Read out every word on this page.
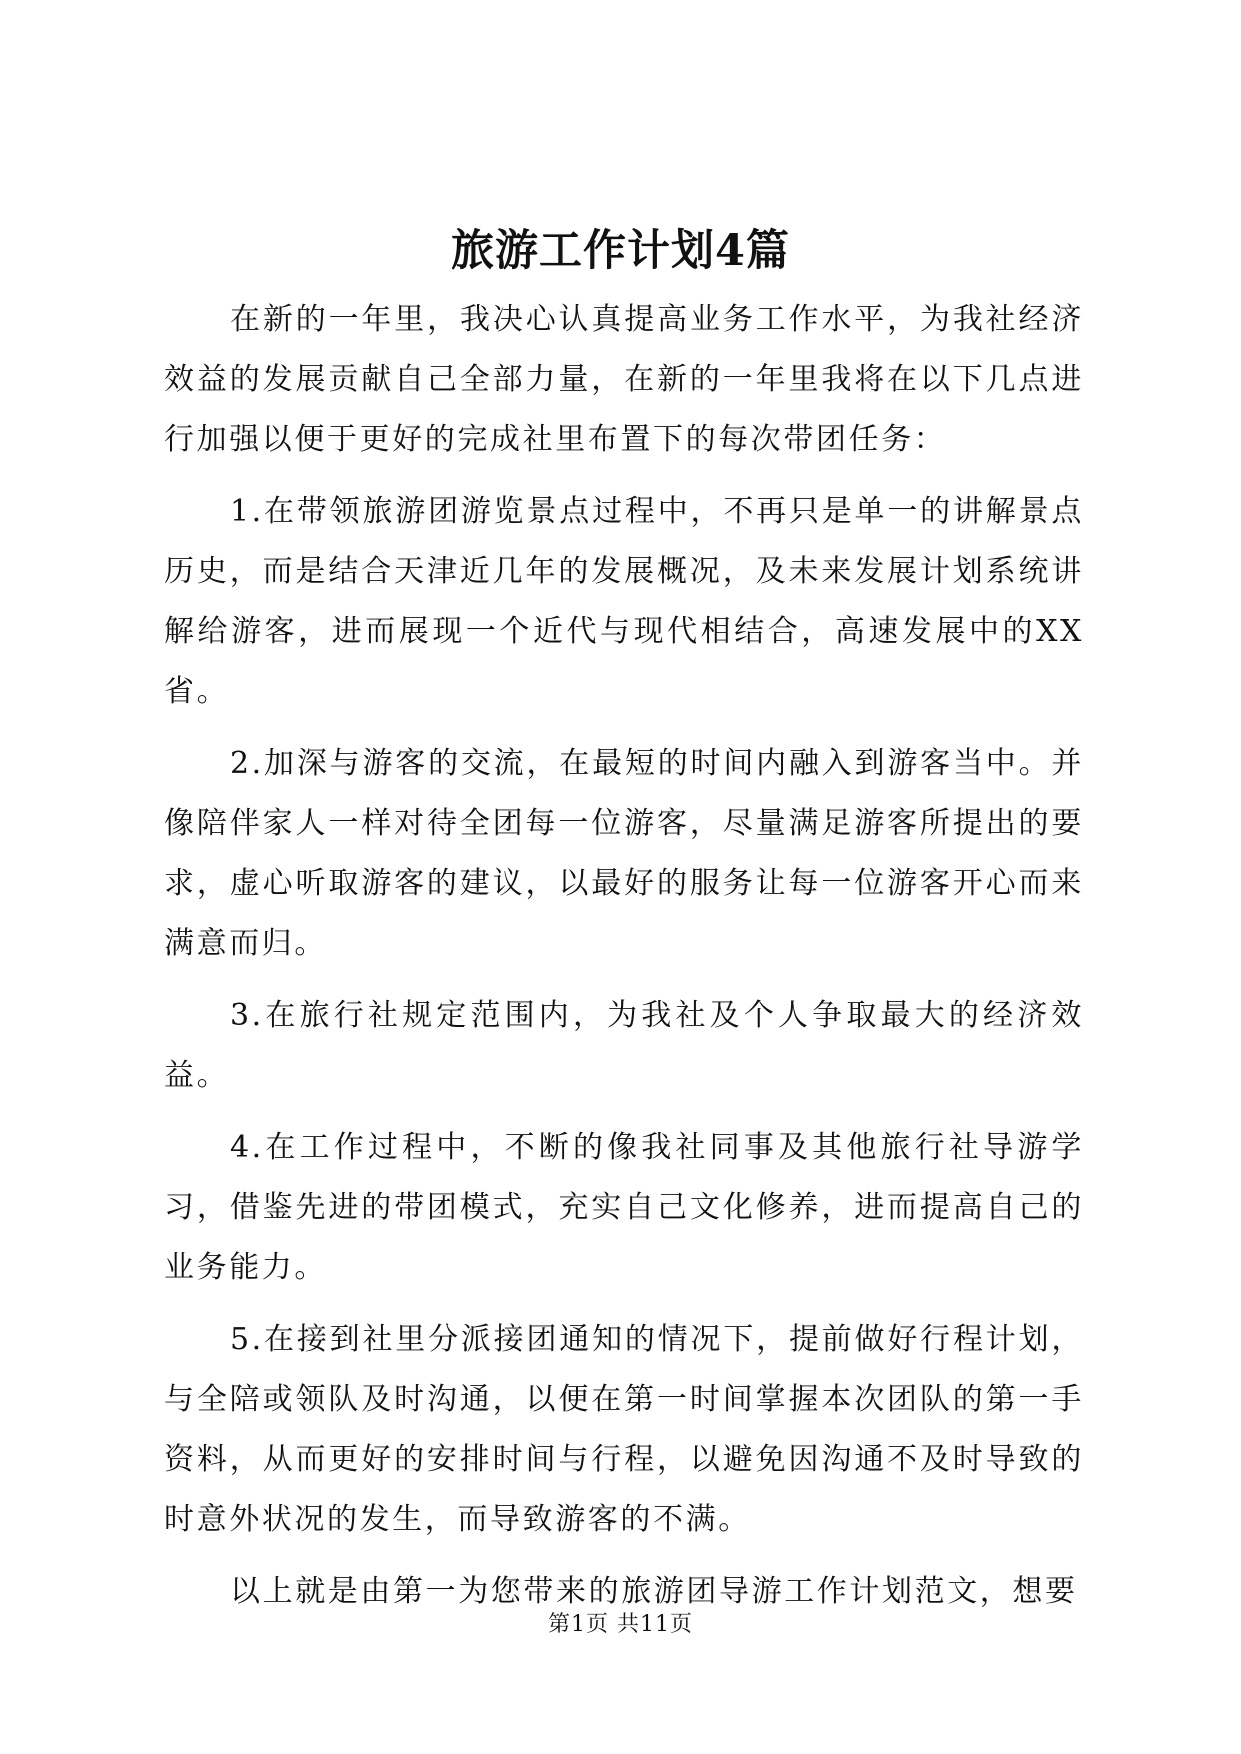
旅游工作计划4篇

在新的一年里，我决心认真提高业务工作水平，为我社经济效益的发展贡献自己全部力量，在新的一年里我将在以下几点进行加强以便于更好的完成社里布置下的每次带团任务：

1.在带领旅游团游览景点过程中，不再只是单一的讲解景点历史，而是结合天津近几年的发展概况，及未来发展计划系统讲解给游客，进而展现一个近代与现代相结合，高速发展中的XX省。

2.加深与游客的交流，在最短的时间内融入到游客当中。并像陪伴家人一样对待全团每一位游客，尽量满足游客所提出的要求，虚心听取游客的建议，以最好的服务让每一位游客开心而来满意而归。

3.在旅行社规定范围内，为我社及个人争取最大的经济效益。

4.在工作过程中，不断的像我社同事及其他旅行社导游学习，借鉴先进的带团模式，充实自己文化修养，进而提高自己的业务能力。

5.在接到社里分派接团通知的情况下，提前做好行程计划，与全陪或领队及时沟通，以便在第一时间掌握本次团队的第一手资料，从而更好的安排时间与行程，以避免因沟通不及时导致的时意外状况的发生，而导致游客的不满。

以上就是由第一为您带来的旅游团导游工作计划范文，想要

第1页 共11页
